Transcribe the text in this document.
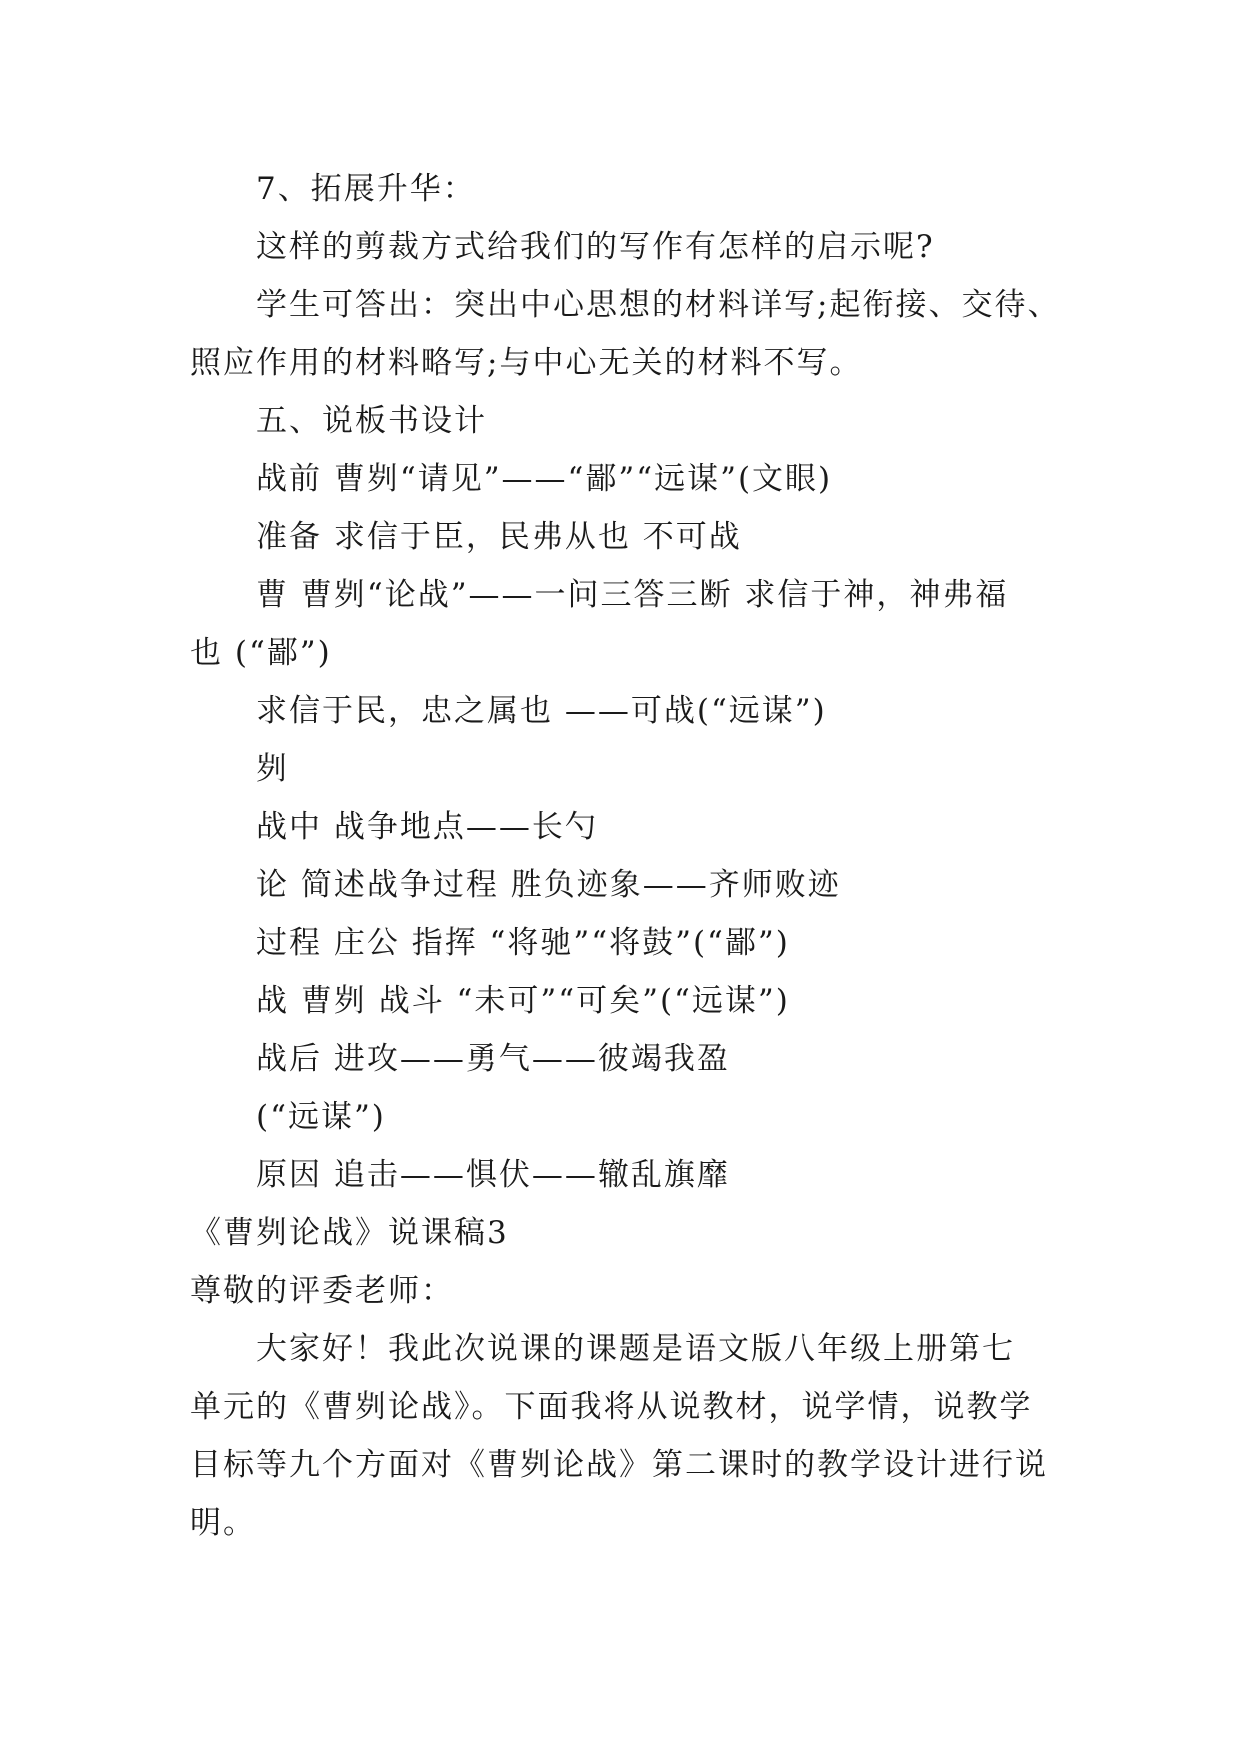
7、拓展升华：
这样的剪裁方式给我们的写作有怎样的启示呢?
学生可答出：突出中心思想的材料详写;起衔接、交待、
照应作用的材料略写;与中心无关的材料不写。
五、说板书设计
战前 曹刿“请见”——“鄙”“远谋”(文眼)
准备 求信于臣，民弗从也 不可战
曹 曹刿“论战”——一问三答三断 求信于神，神弗福
也 (“鄙”)
求信于民，忠之属也 ——可战(“远谋”)
刿
战中 战争地点——长勺
论 简述战争过程 胜负迹象——齐师败迹
过程 庄公 指挥 “将驰”“将鼓”(“鄙”)
战 曹刿 战斗 “未可”“可矣”(“远谋”)
战后 进攻——勇气——彼竭我盈
(“远谋”)
原因 追击——惧伏——辙乱旗靡
《曹刿论战》说课稿3
尊敬的评委老师：
大家好！我此次说课的课题是语文版八年级上册第七
单元的《曹刿论战》。下面我将从说教材，说学情，说教学
目标等九个方面对《曹刿论战》第二课时的教学设计进行说
明。
